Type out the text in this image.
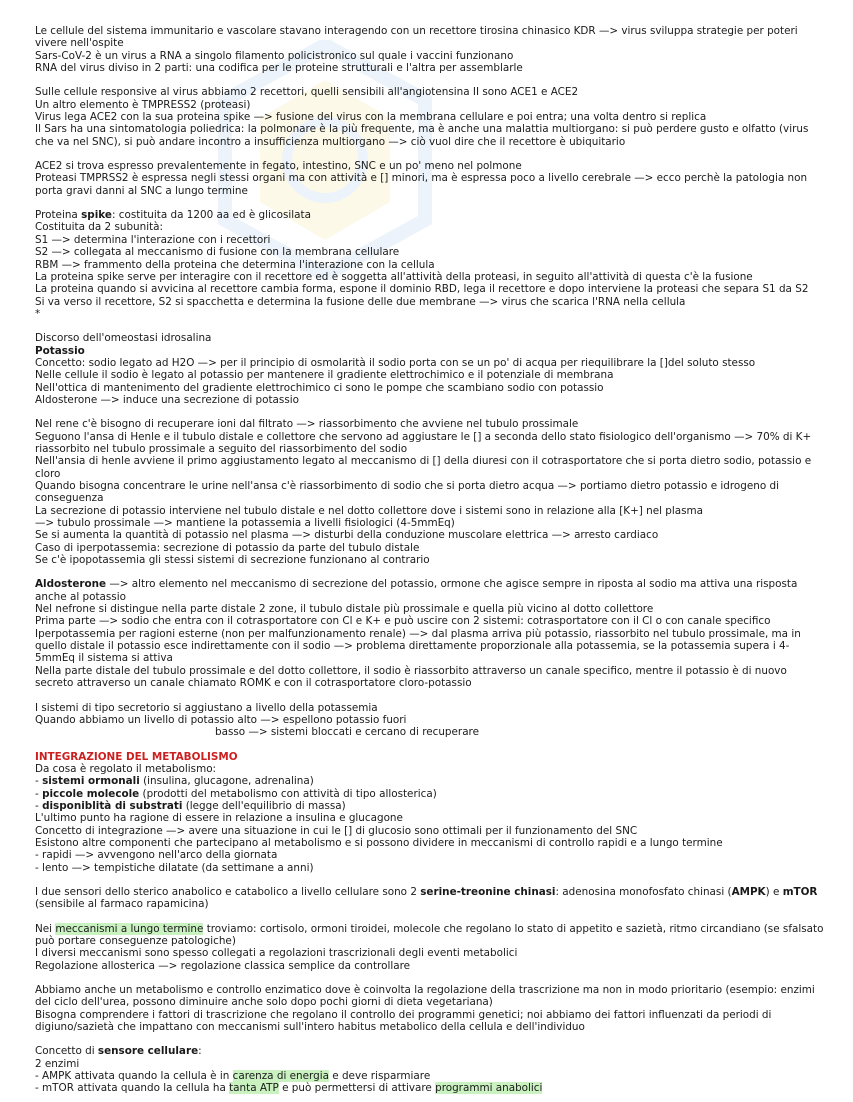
Le cellule del sistema immunitario e vascolare stavano interagendo con un recettore tirosina chinasico KDR —> virus sviluppa strategie per poteri vivere nell'ospite
Sars-CoV-2 è un virus a RNA a singolo filamento policistronico sul quale i vaccini funzionano
RNA del virus diviso in 2 parti: una codifica per le proteine strutturali e l'altra per assemblarle
Sulle cellule responsive al virus abbiamo 2 recettori, quelli sensibili all'angiotensina II sono ACE1 e ACE2
Un altro elemento è TMPRESS2 (proteasi)
Virus lega ACE2 con la sua proteina spike —> fusione del virus con la membrana cellulare e poi entra; una volta dentro si replica
Il Sars ha una sintomatologia poliedrica: la polmonare è la più frequente, ma è anche una malattia multiorgano: si può perdere gusto e olfatto (virus che va nel SNC), si può andare incontro a insufficienza multiorgano —> ciò vuol dire che il recettore è ubiquitario
ACE2 si trova espresso prevalentemente in fegato, intestino, SNC e un po' meno nel polmone
Proteasi TMPRSS2 è espressa negli stessi organi ma con attività e [] minori, ma è espressa poco a livello cerebrale —> ecco perchè la patologia non porta gravi danni al SNC a lungo termine
Proteina spike: costituita da 1200 aa ed è glicosilata
Costituita da 2 subunità:
S1 —> determina l'interazione con i recettori
S2 —> collegata al meccanismo di fusione con la membrana cellulare
RBM —> frammento della proteina che determina l'interazione con la cellula
La proteina spike serve per interagire con il recettore ed è soggetta all'attività della proteasi, in seguito all'attività di questa c'è la fusione
La proteina quando si avvicina al recettore cambia forma, espone il dominio RBD, lega il recettore e dopo interviene la proteasi che separa S1 da S2
Si va verso il recettore, S2 si spacchetta e determina la fusione delle due membrane —> virus che scarica l'RNA nella cellula
*
Discorso dell'omeostasi idrosalina
Potassio
Concetto: sodio legato ad H2O —> per il principio di osmolarità il sodio porta con se un po' di acqua per riequilibrare la []del soluto stesso
Nelle cellule il sodio è legato al potassio per mantenere il gradiente elettrochimico e il potenziale di membrana
Nell'ottica di mantenimento del gradiente elettrochimico ci sono le pompe che scambiano sodio con potassio
Aldosterone —> induce una secrezione di potassio
Nel rene c'è bisogno di recuperare ioni dal filtrato —> riassorbimento che avviene nel tubulo prossimale
Seguono l'ansa di Henle e il tubulo distale e collettore che servono ad aggiustare le [] a seconda dello stato fisiologico dell'organismo —> 70% di K+ riassorbito nel tubulo prossimale a seguito del riassorbimento del sodio
Nell'ansia di henle avviene il primo aggiustamento legato al meccanismo di [] della diuresi con il cotrasportatore che si porta dietro sodio, potassio e cloro
Quando bisogna concentrare le urine nell'ansa c'è riassorbimento di sodio che si porta dietro acqua —> portiamo dietro potassio e idrogeno di conseguenza
La secrezione di potassio interviene nel tubulo distale e nel dotto collettore dove i sistemi sono in relazione alla [K+] nel plasma
—> tubulo prossimale —> mantiene la potassemia a livelli fisiologici (4-5mmEq)
Se si aumenta la quantità di potassio nel plasma —> disturbi della conduzione muscolare elettrica —> arresto cardiaco
Caso di iperpotassemia: secrezione di potassio da parte del tubulo distale
Se c'è ipopotassemia gli stessi sistemi di secrezione funzionano al contrario
Aldosterone —> altro elemento nel meccanismo di secrezione del potassio, ormone che agisce sempre in riposta al sodio ma attiva una risposta anche al potassio
Nel nefrone si distingue nella parte distale 2 zone, il tubulo distale più prossimale e quella più vicino al dotto collettore
Prima parte —> sodio che entra con il cotrasportatore con Cl e K+ e può uscire con 2 sistemi: cotrasportatore con il Cl o con canale specifico
Iperpotassemia per ragioni esterne (non per malfunzionamento renale) —> dal plasma arriva più potassio, riassorbito nel tubulo prossimale, ma in quello distale il potassio esce indirettamente con il sodio —> problema direttamente proporzionale alla potassemia, se la potassemia supera i 4-5mmEq il sistema si attiva
Nella parte distale del tubulo prossimale e del dotto collettore, il sodio è riassorbito attraverso un canale specifico, mentre il potassio è di nuovo secreto attraverso un canale chiamato ROMK e con il cotrasportatore cloro-potassio
I sistemi di tipo secretorio si aggiustano a livello della potassemia
Quando abbiamo un livello di potassio alto —> espellono potassio fuori
basso —> sistemi bloccati e cercano di recuperare
INTEGRAZIONE DEL METABOLISMO
Da cosa è regolato il metabolismo:
- sistemi ormonali (insulina, glucagone, adrenalina)
- piccole molecole (prodotti del metabolismo con attività di tipo allosterica)
- disponiblità di substrati (legge dell'equilibrio di massa)
L'ultimo punto ha ragione di essere in relazione a insulina e glucagone
Concetto di integrazione —> avere una situazione in cui le [] di glucosio sono ottimali per il funzionamento del SNC
Esistono altre componenti che partecipano al metabolismo e si possono dividere in meccanismi di controllo rapidi e a lungo termine
- rapidi —> avvengono nell'arco della giornata
- lento —> tempistiche dilatate (da settimane a anni)
I due sensori dello sterico anabolico e catabolico a livello cellulare sono 2 serine-treonine chinasi: adenosina monofosfato chinasi (AMPK) e mTOR (sensibile al farmaco rapamicina)
Nei meccanismi a lungo termine troviamo: cortisolo, ormoni tiroidei, molecole che regolano lo stato di appetito e sazietà, ritmo circandiano (se sfalsato può portare conseguenze patologiche)
I diversi meccanismi sono spesso collegati a regolazioni trascrizionali degli eventi metabolici
Regolazione allosterica —> regolazione classica semplice da controllare
Abbiamo anche un metabolismo e controllo enzimatico dove è coinvolta la regolazione della trascrizione ma non in modo prioritario (esempio: enzimi del ciclo dell'urea, possono diminuire anche solo dopo pochi giorni di dieta vegetariana)
Bisogna comprendere i fattori di trascrizione che regolano il controllo dei programmi genetici; noi abbiamo dei fattori influenzati da periodi di digiuno/sazietà che impattano con meccanismi sull'intero habitus metabolico della cellula e dell'individuo
Concetto di sensore cellulare:
2 enzimi
- AMPK attivata quando la cellula è in carenza di energia e deve risparmiare
- mTOR attivata quando la cellula ha tanta ATP e può permettersi di attivare programmi anabolici
